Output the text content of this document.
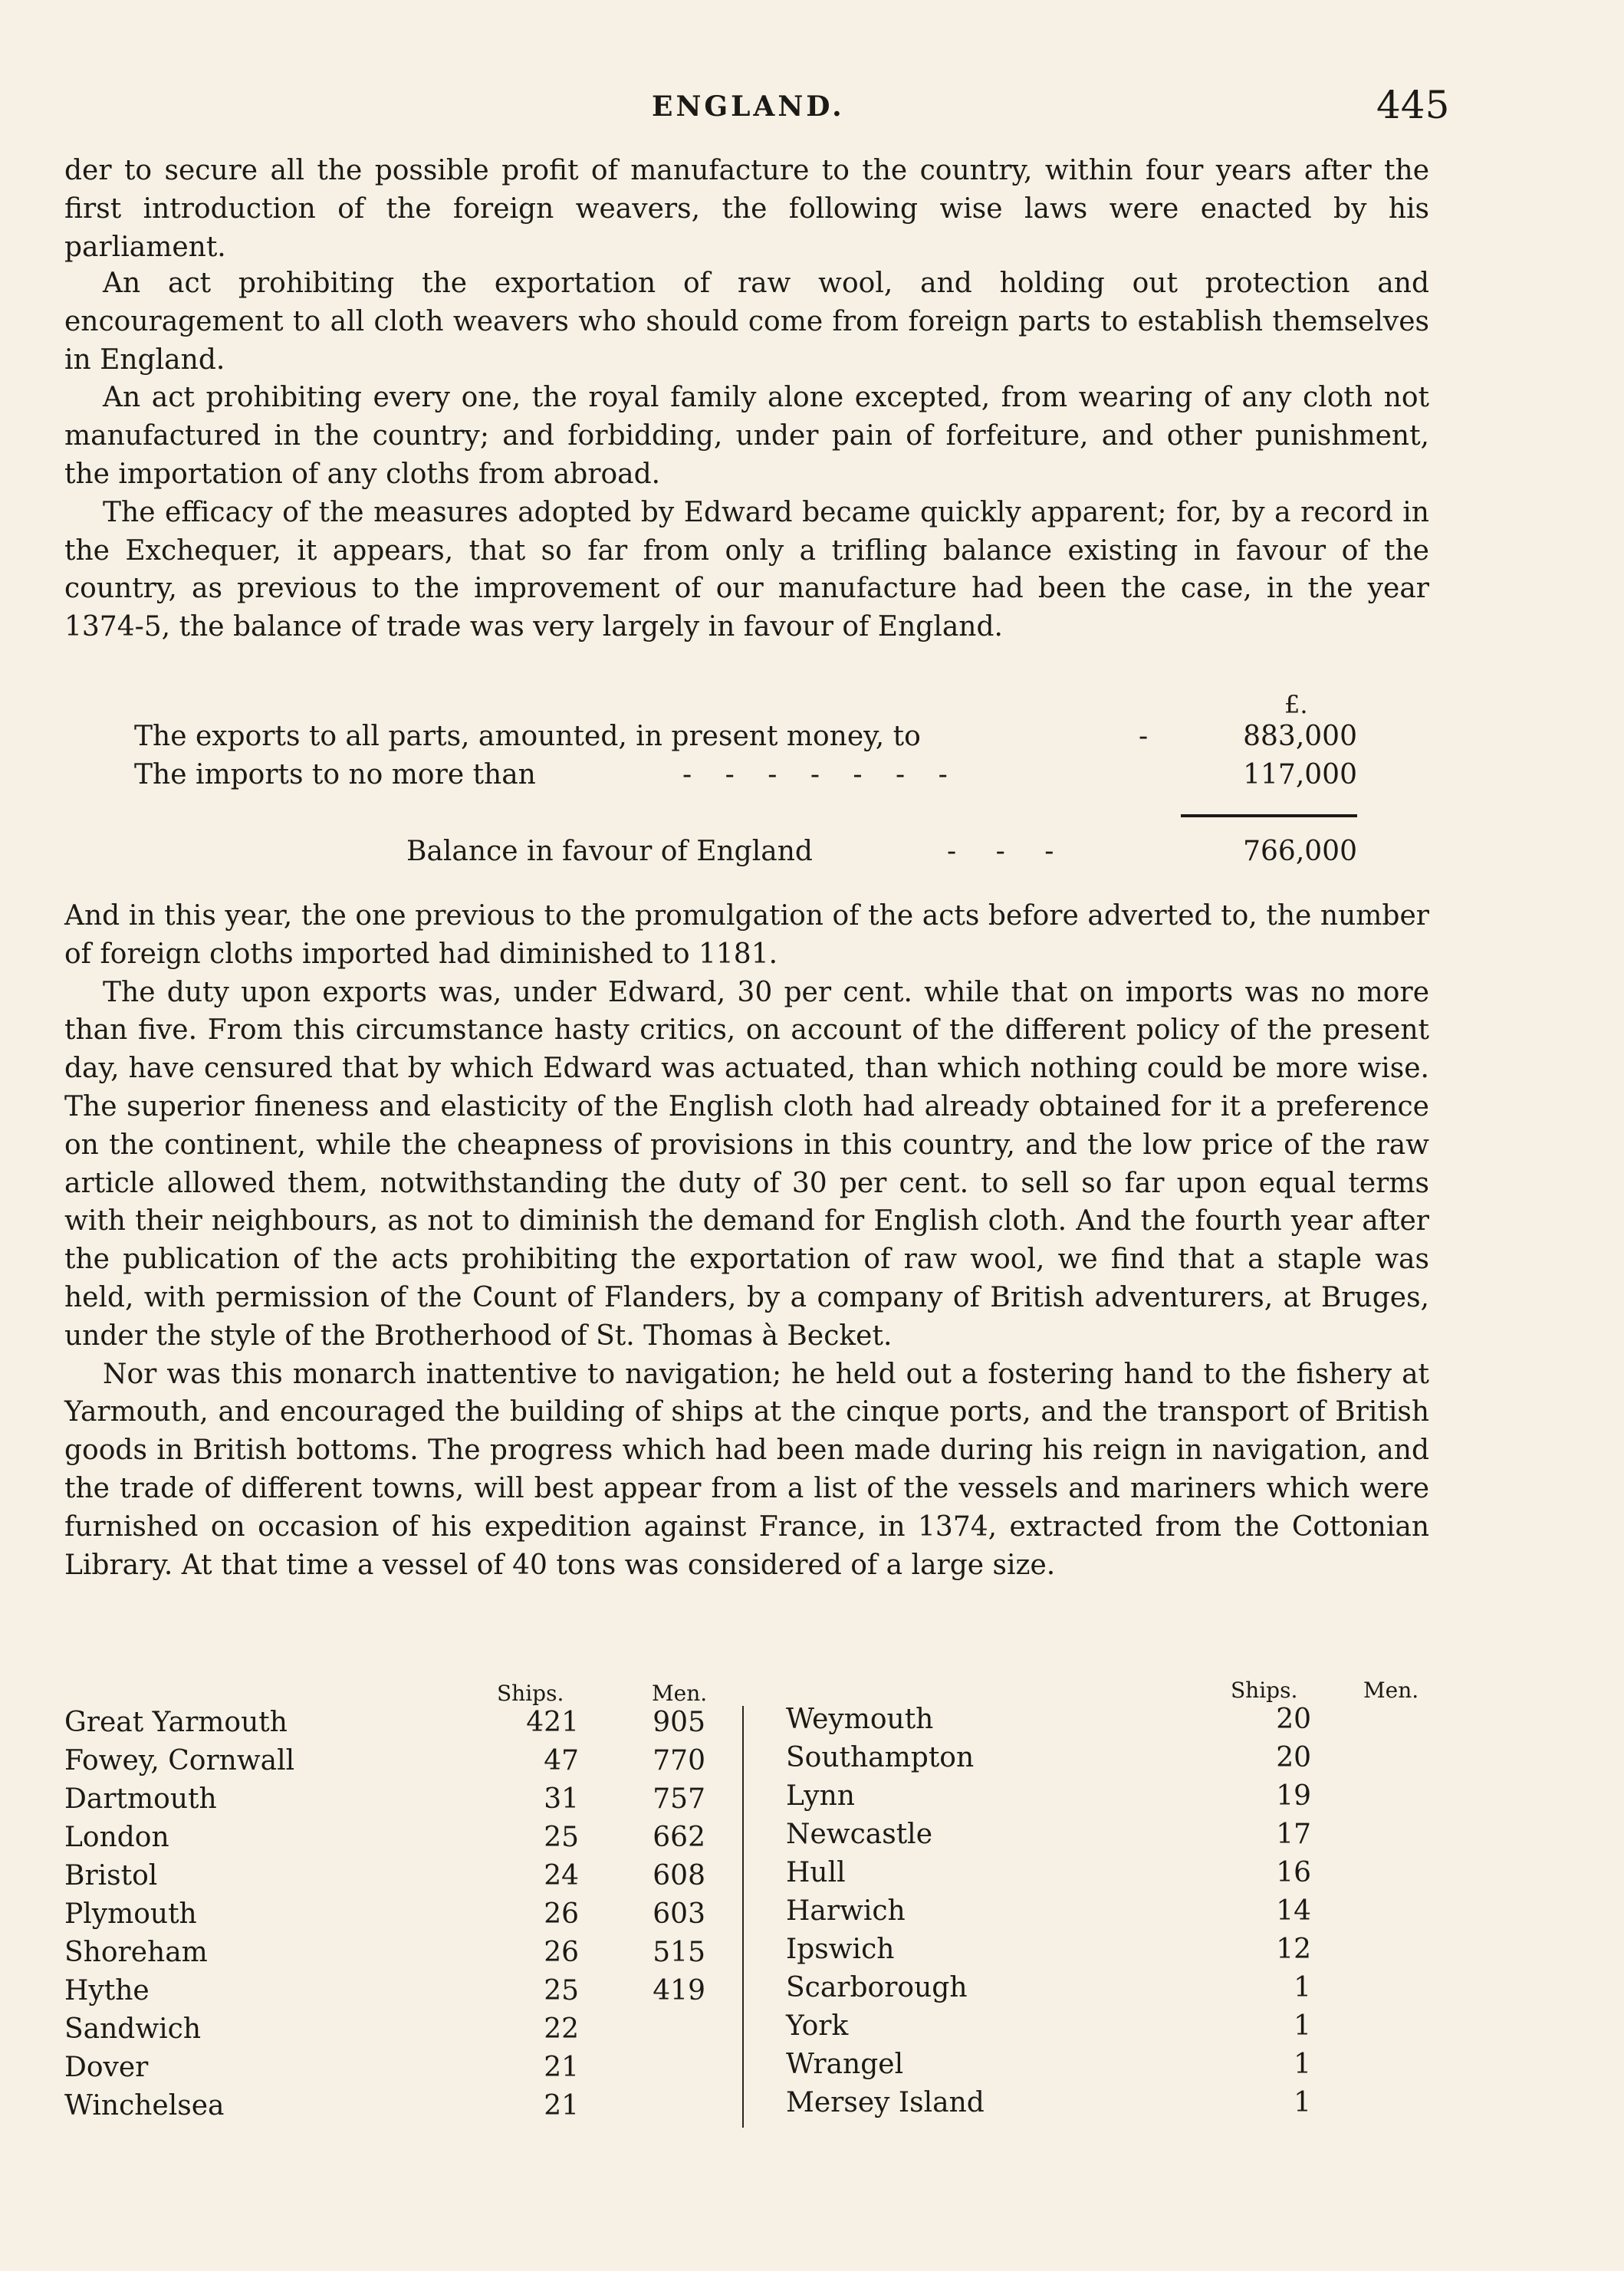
ENGLAND.	445

der to secure all the possible profit of manufacture to the country, within four years after the first introduction of the foreign weavers, the following wise laws were enacted by his parliament.

An act prohibiting the exportation of raw wool, and holding out protection and encouragement to all cloth weavers who should come from foreign parts to establish themselves in England.

An act prohibiting every one, the royal family alone excepted, from wearing of any cloth not manufactured in the country; and forbidding, under pain of forfeiture, and other punishment, the importation of any cloths from abroad.

The efficacy of the measures adopted by Edward became quickly apparent; for, by a record in the Exchequer, it appears, that so far from only a trifling balance existing in favour of the country, as previous to the improvement of our manufacture had been the case, in the year 1374-5, the balance of trade was very largely in favour of England.

£.
The exports to all parts, amounted, in present money, to	-	883,000
The imports to no more than	- - - - - - -	117,000
Balance in favour of England	- - -	766,000

And in this year, the one previous to the promulgation of the acts before adverted to, the number of foreign cloths imported had diminished to 1181.

The duty upon exports was, under Edward, 30 per cent. while that on imports was no more than five. From this circumstance hasty critics, on account of the different policy of the present day, have censured that by which Edward was actuated, than which nothing could be more wise. The superior fineness and elasticity of the English cloth had already obtained for it a preference on the continent, while the cheapness of provisions in this country, and the low price of the raw article allowed them, notwithstanding the duty of 30 per cent. to sell so far upon equal terms with their neighbours, as not to diminish the demand for English cloth. And the fourth year after the publication of the acts prohibiting the exportation of raw wool, we find that a staple was held, with permission of the Count of Flanders, by a company of British adventurers, at Bruges, under the style of the Brotherhood of St. Thomas à Becket.

Nor was this monarch inattentive to navigation; he held out a fostering hand to the fishery at Yarmouth, and encouraged the building of ships at the cinque ports, and the transport of British goods in British bottoms. The progress which had been made during his reign in navigation, and the trade of different towns, will best appear from a list of the vessels and mariners which were furnished on occasion of his expedition against France, in 1374, extracted from the Cottonian Library. At that time a vessel of 40 tons was considered of a large size.

Ships.	Men.	Ships.	Men.
Great Yarmouth	421	905
Fowey, Cornwall	47	770
Dartmouth	31	757
London	25	662
Bristol	24	608
Plymouth	26	603
Shoreham	26	515
Hythe	25	419
Sandwich	22
Dover	21
Winchelsea	21
Weymouth	20
Southampton	20
Lynn	19
Newcastle	17
Hull	16
Harwich	14
Ipswich	12
Scarborough	1
York	1
Wrangel	1
Mersey Island	1
